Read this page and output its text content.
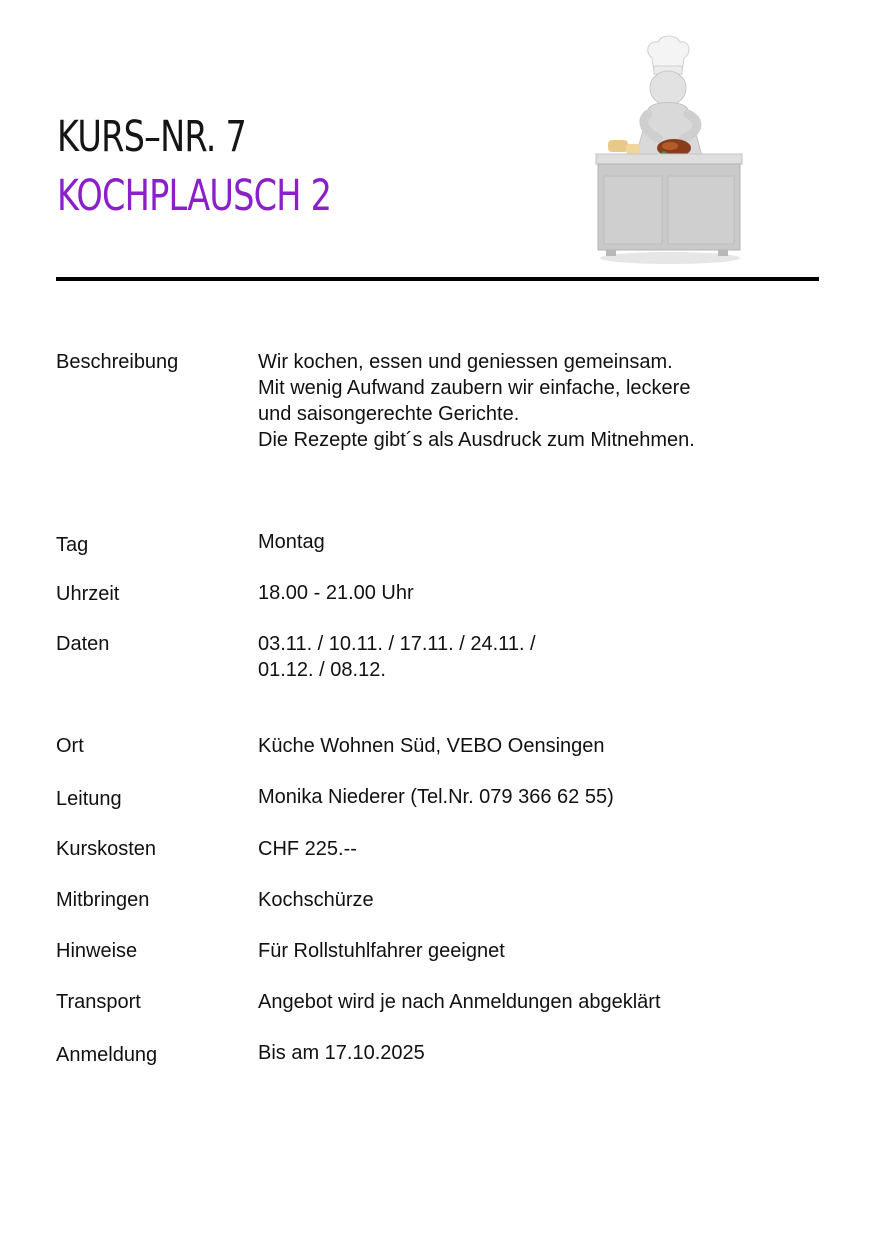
KURS–NR. 7
KOCHPLAUSCH 2
Beschreibung	Wir kochen, essen und geniessen gemeinsam.
Mit wenig Aufwand zaubern wir einfache, leckere
und saisongerechte Gerichte.
Die Rezepte gibt´s als Ausdruck zum Mitnehmen.
Tag	Montag
Uhrzeit	18.00 - 21.00 Uhr
Daten	03.11. / 10.11. / 17.11. / 24.11. /
01.12. / 08.12.
Ort	Küche Wohnen Süd, VEBO Oensingen
Leitung	Monika Niederer (Tel.Nr. 079 366 62 55)
Kurskosten	CHF 225.--
Mitbringen	Kochschürze
Hinweise	Für Rollstuhlfahrer geeignet
Transport	Angebot wird je nach Anmeldungen abgeklärt
Anmeldung	Bis am 17.10.2025
